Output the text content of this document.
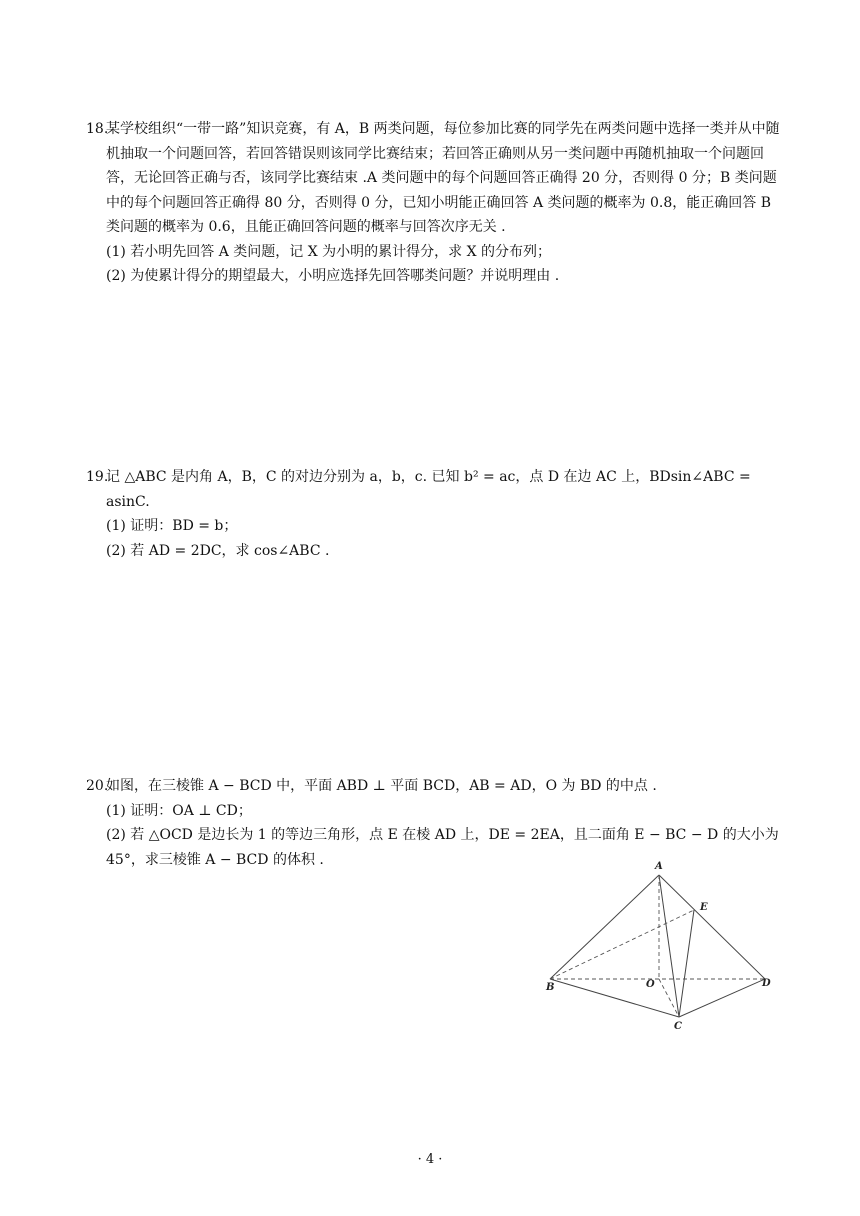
18.

某学校组织“一带一路”知识竞赛，有 A，B 两类问题，每位参加比赛的同学先在两类问题中选择一类并从中随机抽取一个问题回答，若回答错误则该同学比赛结束；若回答正确则从另一类问题中再随机抽取一个问题回答，无论回答正确与否，该同学比赛结束 .A 类问题中的每个问题回答正确得 20 分，否则得 0 分；B 类问题中的每个问题回答正确得 80 分，否则得 0 分，已知小明能正确回答 A 类问题的概率为 0.8，能正确回答 B 类问题的概率为 0.6，且能正确回答问题的概率与回答次序无关 .

(1) 若小明先回答 A 类问题，记 X 为小明的累计得分，求 X 的分布列；

(2) 为使累计得分的期望最大，小明应选择先回答哪类问题？并说明理由 .

19.

记 △ABC 是内角 A，B，C 的对边分别为 a，b，c. 已知 b² = ac，点 D 在边 AC 上，BDsin∠ABC = asinC.

(1) 证明：BD = b；

(2) 若 AD = 2DC，求 cos∠ABC .

20.

如图，在三棱锥 A − BCD 中，平面 ABD ⊥ 平面 BCD，AB = AD，O 为 BD 的中点 .

(1) 证明：OA ⊥ CD；

(2) 若 △OCD 是边长为 1 的等边三角形，点 E 在棱 AD 上，DE = 2EA，且二面角 E − BC − D 的大小为 45°，求三棱锥 A − BCD 的体积 .	A
E
B	O	D
C
· 4 ·
